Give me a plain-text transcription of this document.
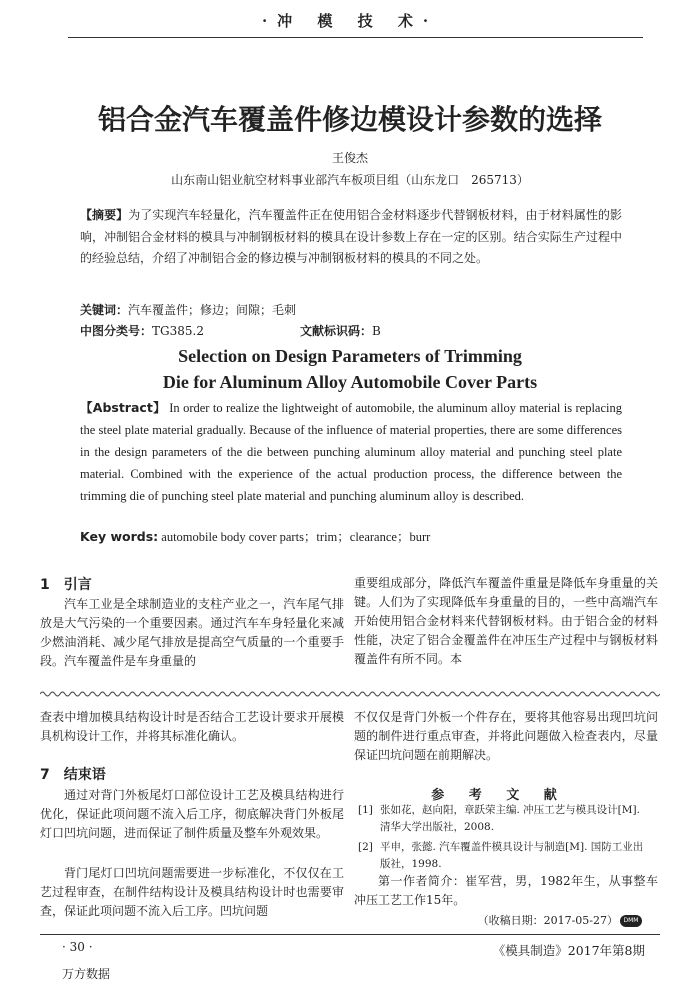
·冲 模 技 术·
铝合金汽车覆盖件修边模设计参数的选择
王俊杰
山东南山铝业航空材料事业部汽车板项目组（山东龙口　265713）
【摘要】为了实现汽车轻量化，汽车覆盖件正在使用铝合金材料逐步代替钢板材料，由于材料属性的影响，冲制铝合金材料的模具与冲制钢板材料的模具在设计参数上存在一定的区别。结合实际生产过程中的经验总结，介绍了冲制铝合金的修边模与冲制钢板材料的模具的不同之处。
关键词：汽车覆盖件；修边；间隙；毛刺
中图分类号：TG385.2	文献标识码：B
Selection on Design Parameters of Trimming
Die for Aluminum Alloy Automobile Cover Parts
【Abstract】 In order to realize the lightweight of automobile, the aluminum alloy material is replacing the steel plate material gradually. Because of the influence of material properties, there are some differences in the design parameters of the die between punching aluminum alloy material and punching steel plate material. Combined with the experience of the actual production process, the difference between the trimming die of punching steel plate material and punching aluminum alloy is described.
Key words: automobile body cover parts；trim；clearance；burr
1　引言
汽车工业是全球制造业的支柱产业之一，汽车尾气排放是大气污染的一个重要因素。通过汽车车身轻量化来减少燃油消耗、减少尾气排放是提高空气质量的一个重要手段。汽车覆盖件是车身重量的
重要组成部分，降低汽车覆盖件重量是降低车身重量的关键。人们为了实现降低车身重量的目的，一些中高端汽车开始使用铝合金材料来代替钢板材料。由于铝合金的材料性能，决定了铝合金覆盖件在冲压生产过程中与钢板材料覆盖件有所不同。本
查表中增加模具结构设计时是否结合工艺设计要求开展模具机构设计工作，并将其标准化确认。
7　结束语
通过对背门外板尾灯口部位设计工艺及模具结构进行优化，保证此项问题不流入后工序，彻底解决背门外板尾灯口凹坑问题，进而保证了制件质量及整车外观效果。
背门尾灯口凹坑问题需要进一步标准化，不仅仅在工艺过程审查，在制件结构设计及模具结构设计时也需要审查，保证此项问题不流入后工序。凹坑问题
不仅仅是背门外板一个件存在，要将其他容易出现凹坑问题的制件进行重点审查，并将此问题做入检查表内，尽量保证凹坑问题在前期解决。
参 考 文 献
[1] 张如花，赵向阳，章跃荣主编. 冲压工艺与模具设计[M]. 清华大学出版社，2008.
[2] 平申，张懿. 汽车覆盖件模具设计与制造[M]. 国防工业出版社，1998.
第一作者简介：崔军营，男，1982年生，从事整车冲压工艺工作15年。
（收稿日期：2017-05-27） DMM
· 30 ·	《模具制造》2017年第8期
万方数据
